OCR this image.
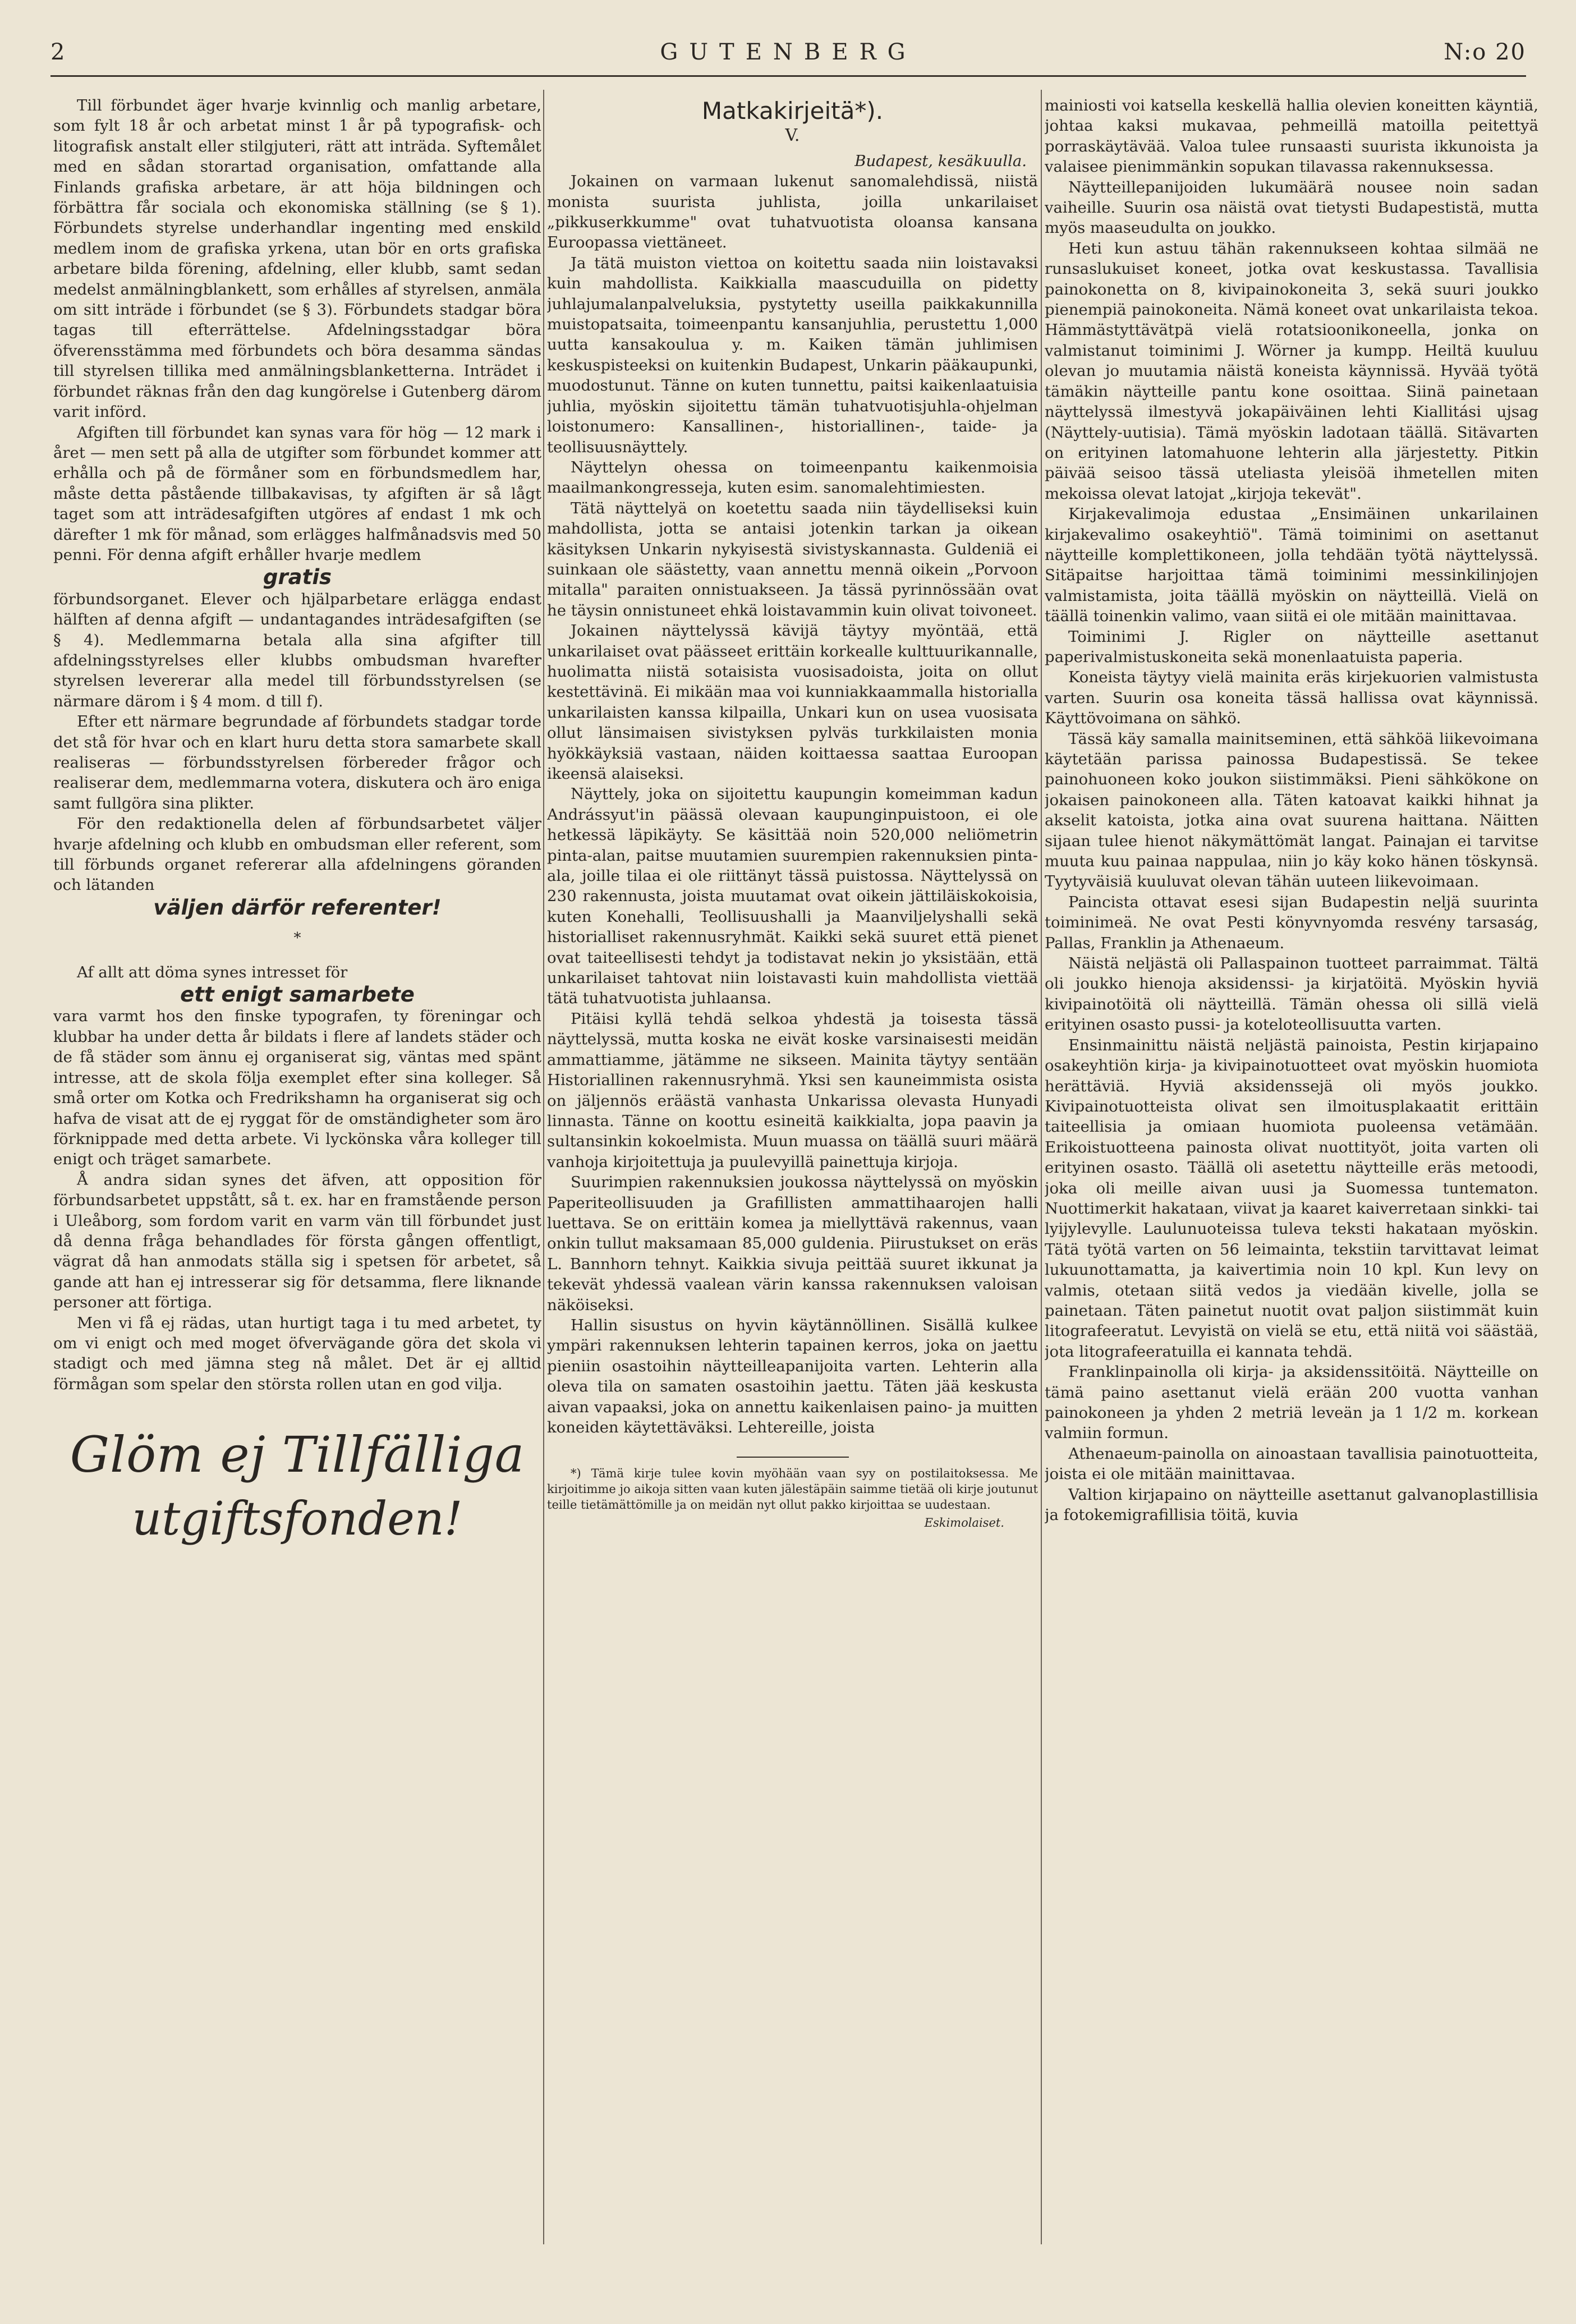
2	GUTENBERG	N:o 20

Till förbundet äger hvarje kvinnlig och manlig arbetare, som fylt 18 år och arbetat minst 1 år på typografisk- och litografisk anstalt eller stilgjuteri, rätt att inträda. Syftemålet med en sådan storartad organisation, omfattande alla Finlands grafiska arbetare, är att höja bildningen och förbättra får sociala och ekonomiska ställning (se § 1). Förbundets styrelse underhandlar ingenting med enskild medlem inom de grafiska yrkena, utan bör en orts grafiska arbetare bilda förening, afdelning, eller klubb, samt sedan medelst anmälningblankett, som erhålles af styrelsen, anmäla om sitt inträde i förbundet (se § 3). Förbundets stadgar böra tagas till efterrättelse. Afdelningsstadgar böra öfverensstämma med förbundets och böra desamma sändas till styrelsen tillika med anmälningsblanketterna. Inträdet i förbundet räknas från den dag kungörelse i Gutenberg därom varit införd.

Afgiften till förbundet kan synas vara för hög — 12 mark i året — men sett på alla de utgifter som förbundet kommer att erhålla och på de förmåner som en förbundsmedlem har, måste detta påstående tillbakavisas, ty afgiften är så lågt taget som att inträdesafgiften utgöres af endast 1 mk och därefter 1 mk för månad, som erlägges halfmånadsvis med 50 penni. För denna afgift erhåller hvarje medlem

gratis

förbundsorganet. Elever och hjälparbetare erlägga endast hälften af denna afgift — undantagandes inträdesafgiften (se § 4). Medlemmarna betala alla sina afgifter till afdelningsstyrelses eller klubbs ombudsman hvarefter styrelsen levererar alla medel till förbundsstyrelsen (se närmare därom i § 4 mom. d till f).

Efter ett närmare begrundade af förbundets stadgar torde det stå för hvar och en klart huru detta stora samarbete skall realiseras — förbundsstyrelsen förbereder frågor och realiserar dem, medlemmarna votera, diskutera och äro eniga samt fullgöra sina plikter.

För den redaktionella delen af förbundsarbetet väljer hvarje afdelning och klubb en ombudsman eller referent, som till förbunds organet refererar alla afdelningens göranden och lätanden

väljen därför referenter!
*

Af allt att döma synes intresset för

ett enigt samarbete

vara varmt hos den finske typografen, ty föreningar och klubbar ha under detta år bildats i flere af landets städer och de få städer som ännu ej organiserat sig, väntas med spänt intresse, att de skola följa exemplet efter sina kolleger. Så små orter om Kotka och Fredrikshamn ha organiserat sig och hafva de visat att de ej ryggat för de omständigheter som äro förknippade med detta arbete. Vi lyckönska våra kolleger till enigt och träget samarbete.

Å andra sidan synes det äfven, att opposition för förbundsarbetet uppstått, så t. ex. har en framstående person i Uleåborg, som fordom varit en varm vän till förbundet just då denna fråga behandlades för första gången offentligt, vägrat då han anmodats ställa sig i spetsen för arbetet, så gande att han ej intresserar sig för detsamma, flere liknande personer att förtiga.

Men vi få ej rädas, utan hurtigt taga i tu med arbetet, ty om vi enigt och med moget öfvervägande göra det skola vi stadigt och med jämna steg nå målet. Det är ej alltid förmågan som spelar den största rollen utan en god vilja.

Glöm ej Tillfälliga
utgiftsfonden!
Matkakirjeitä*).
V.
Budapest, kesäkuulla.

Jokainen on varmaan lukenut sanomalehdissä, niistä monista suurista juhlista, joilla unkarilaiset „pikkuserkkumme" ovat tuhatvuotista oloansa kansana Euroopassa viettäneet.

Ja tätä muiston viettoa on koitettu saada niin loistavaksi kuin mahdollista. Kaikkialla maascuduilla on pidetty juhlajumalanpalveluksia, pystytetty useilla paikkakunnilla muistopatsaita, toimeenpantu kansanjuhlia, perustettu 1,000 uutta kansakoulua y. m. Kaiken tämän juhlimisen keskuspisteeksi on kuitenkin Budapest, Unkarin pääkaupunki, muodostunut. Tänne on kuten tunnettu, paitsi kaikenlaatuisia juhlia, myöskin sijoitettu tämän tuhatvuotisjuhla-ohjelman loistonumero: Kansallinen-, historiallinen-, taide- ja teollisuusnäyttely.

Näyttelyn ohessa on toimeenpantu kaikenmoisia maailmankongresseja, kuten esim. sanomalehtimiesten.

Tätä näyttelyä on koetettu saada niin täydelliseksi kuin mahdollista, jotta se antaisi jotenkin tarkan ja oikean käsityksen Unkarin nykyisestä sivistyskannasta. Guldeniä ei suinkaan ole säästetty, vaan annettu mennä oikein „Porvoon mitalla" paraiten onnistuakseen. Ja tässä pyrinnössään ovat he täysin onnistuneet ehkä loistavammin kuin olivat toivoneet.

Jokainen näyttelyssä kävijä täytyy myöntää, että unkarilaiset ovat päässeet erittäin korkealle kulttuurikannalle, huolimatta niistä sotaisista vuosisadoista, joita on ollut kestettävinä. Ei mikään maa voi kunniakkaammalla historialla unkarilaisten kanssa kilpailla, Unkari kun on usea vuosisata ollut länsimaisen sivistyksen pylväs turkkilaisten monia hyökkäyksiä vastaan, näiden koittaessa saattaa Euroopan ikeensä alaiseksi.

Näyttely, joka on sijoitettu kaupungin komeimman kadun Andrássyut'in päässä olevaan kaupunginpuistoon, ei ole hetkessä läpikäyty. Se käsittää noin 520,000 neliömetrin pinta-alan, paitse muutamien suurempien rakennuksien pinta-ala, joille tilaa ei ole riittänyt tässä puistossa. Näyttelyssä on 230 rakennusta, joista muutamat ovat oikein jättiläiskokoisia, kuten Konehalli, Teollisuushalli ja Maanviljelyshalli sekä historialliset rakennusryhmät. Kaikki sekä suuret että pienet ovat taiteellisesti tehdyt ja todistavat nekin jo yksistään, että unkarilaiset tahtovat niin loistavasti kuin mahdollista viettää tätä tuhatvuotista juhlaansa.

Pitäisi kyllä tehdä selkoa yhdestä ja toisesta tässä näyttelyssä, mutta koska ne eivät koske varsinaisesti meidän ammattiamme, jätämme ne sikseen. Mainita täytyy sentään Historiallinen rakennusryhmä. Yksi sen kauneimmista osista on jäljennös eräästä vanhasta Unkarissa olevasta Hunyadi linnasta. Tänne on koottu esineitä kaikkialta, jopa paavin ja sultansinkin kokoelmista. Muun muassa on täällä suuri määrä vanhoja kirjoitettuja ja puulevyillä painettuja kirjoja.

Suurimpien rakennuksien joukossa näyttelyssä on myöskin Paperiteollisuuden ja Grafillisten ammattihaarojen halli luettava. Se on erittäin komea ja miellyttävä rakennus, vaan onkin tullut maksamaan 85,000 guldenia. Piirustukset on eräs L. Bannhorn tehnyt. Kaikkia sivuja peittää suuret ikkunat ja tekevät yhdessä vaalean värin kanssa rakennuksen valoisan näköiseksi.

Hallin sisustus on hyvin käytännöllinen. Sisällä kulkee ympäri rakennuksen lehterin tapainen kerros, joka on jaettu pieniin osastoihin näytteilleapanijoita varten. Lehterin alla oleva tila on samaten osastoihin jaettu. Täten jää keskusta aivan vapaaksi, joka on annettu kaikenlaisen paino- ja muitten koneiden käytettäväksi. Lehtereille, joista

*) Tämä kirje tulee kovin myöhään vaan syy on postilaitoksessa. Me kirjoitimme jo aikoja sitten vaan kuten jälestäpäin saimme tietää oli kirje joutunut teille tietämättömille ja on meidän nyt ollut pakko kirjoittaa se uudestaan.

Eskimolaiset.

mainiosti voi katsella keskellä hallia olevien koneitten käyntiä, johtaa kaksi mukavaa, pehmeillä matoilla peitettyä porraskäytävää. Valoa tulee runsaasti suurista ikkunoista ja valaisee pienimmänkin sopukan tilavassa rakennuksessa.

Näytteillepanijoiden lukumäärä nousee noin sadan vaiheille. Suurin osa näistä ovat tietysti Budapestistä, mutta myös maaseudulta on joukko.

Heti kun astuu tähän rakennukseen kohtaa silmää ne runsaslukuiset koneet, jotka ovat keskustassa. Tavallisia painokonetta on 8, kivipainokoneita 3, sekä suuri joukko pienempiä painokoneita. Nämä koneet ovat unkarilaista tekoa. Hämmästyttävätpä vielä rotatsioonikoneella, jonka on valmistanut toiminimi J. Wörner ja kumpp. Heiltä kuuluu olevan jo muutamia näistä koneista käynnissä. Hyvää työtä tämäkin näytteille pantu kone osoittaa. Siinä painetaan näyttelyssä ilmestyvä jokapäiväinen lehti Kiallitási ujsag (Näyttely-uutisia). Tämä myöskin ladotaan täällä. Sitävarten on erityinen latomahuone lehterin alla järjestetty. Pitkin päivää seisoo tässä uteliasta yleisöä ihmetellen miten mekoissa olevat latojat „kirjoja tekevät".

Kirjakevalimoja edustaa „Ensimäinen unkarilainen kirjakevalimo osakeyhtiö". Tämä toiminimi on asettanut näytteille komplettikoneen, jolla tehdään työtä näyttelyssä. Sitäpaitse harjoittaa tämä toiminimi messinkilinjojen valmistamista, joita täällä myöskin on näytteillä. Vielä on täällä toinenkin valimo, vaan siitä ei ole mitään mainittavaa.

Toiminimi J. Rigler on näytteille asettanut paperivalmistuskoneita sekä monenlaatuista paperia.

Koneista täytyy vielä mainita eräs kirjekuorien valmistusta varten. Suurin osa koneita tässä hallissa ovat käynnissä. Käyttövoimana on sähkö.

Tässä käy samalla mainitseminen, että sähköä liikevoimana käytetään parissa painossa Budapestissä. Se tekee painohuoneen koko joukon siistimmäksi. Pieni sähkökone on jokaisen painokoneen alla. Täten katoavat kaikki hihnat ja akselit katoista, jotka aina ovat suurena haittana. Näitten sijaan tulee hienot näkymättömät langat. Painajan ei tarvitse muuta kuu painaa nappulaa, niin jo käy koko hänen töskynsä. Tyytyväisiä kuuluvat olevan tähän uuteen liikevoimaan.

Paincista ottavat esesi sijan Budapestin neljä suurinta toiminimeä. Ne ovat Pesti könyvnyomda resvény tarsaság, Pallas, Franklin ja Athenaeum.

Näistä neljästä oli Pallaspainon tuotteet parraimmat. Tältä oli joukko hienoja aksidenssi- ja kirjatöitä. Myöskin hyviä kivipainotöitä oli näytteillä. Tämän ohessa oli sillä vielä erityinen osasto pussi- ja koteloteollisuutta varten.

Ensinmainittu näistä neljästä painoista, Pestin kirjapaino osakeyhtiön kirja- ja kivipainotuotteet ovat myöskin huomiota herättäviä. Hyviä aksidenssejä oli myös joukko. Kivipainotuotteista olivat sen ilmoitusplakaatit erittäin taiteellisia ja omiaan huomiota puoleensa vetämään. Erikoistuotteena painosta olivat nuottityöt, joita varten oli erityinen osasto. Täällä oli asetettu näytteille eräs metoodi, joka oli meille aivan uusi ja Suomessa tuntematon. Nuottimerkit hakataan, viivat ja kaaret kaiverretaan sinkki- tai lyijylevylle. Laulunuoteissa tuleva teksti hakataan myöskin. Tätä työtä varten on 56 leimainta, tekstiin tarvittavat leimat lukuunottamatta, ja kaivertimia noin 10 kpl. Kun levy on valmis, otetaan siitä vedos ja viedään kivelle, jolla se painetaan. Täten painetut nuotit ovat paljon siistimmät kuin litografeeratut. Levyistä on vielä se etu, että niitä voi säästää, jota litografeeratuilla ei kannata tehdä.

Franklinpainolla oli kirja- ja aksidenssitöitä. Näytteille on tämä paino asettanut vielä erään 200 vuotta vanhan painokoneen ja yhden 2 metriä leveän ja 1 1/2 m. korkean valmiin formun.

Athenaeum-painolla on ainoastaan tavallisia painotuotteita, joista ei ole mitään mainittavaa.

Valtion kirjapaino on näytteille asettanut galvanoplastillisia ja fotokemigrafillisia töitä, kuvia
